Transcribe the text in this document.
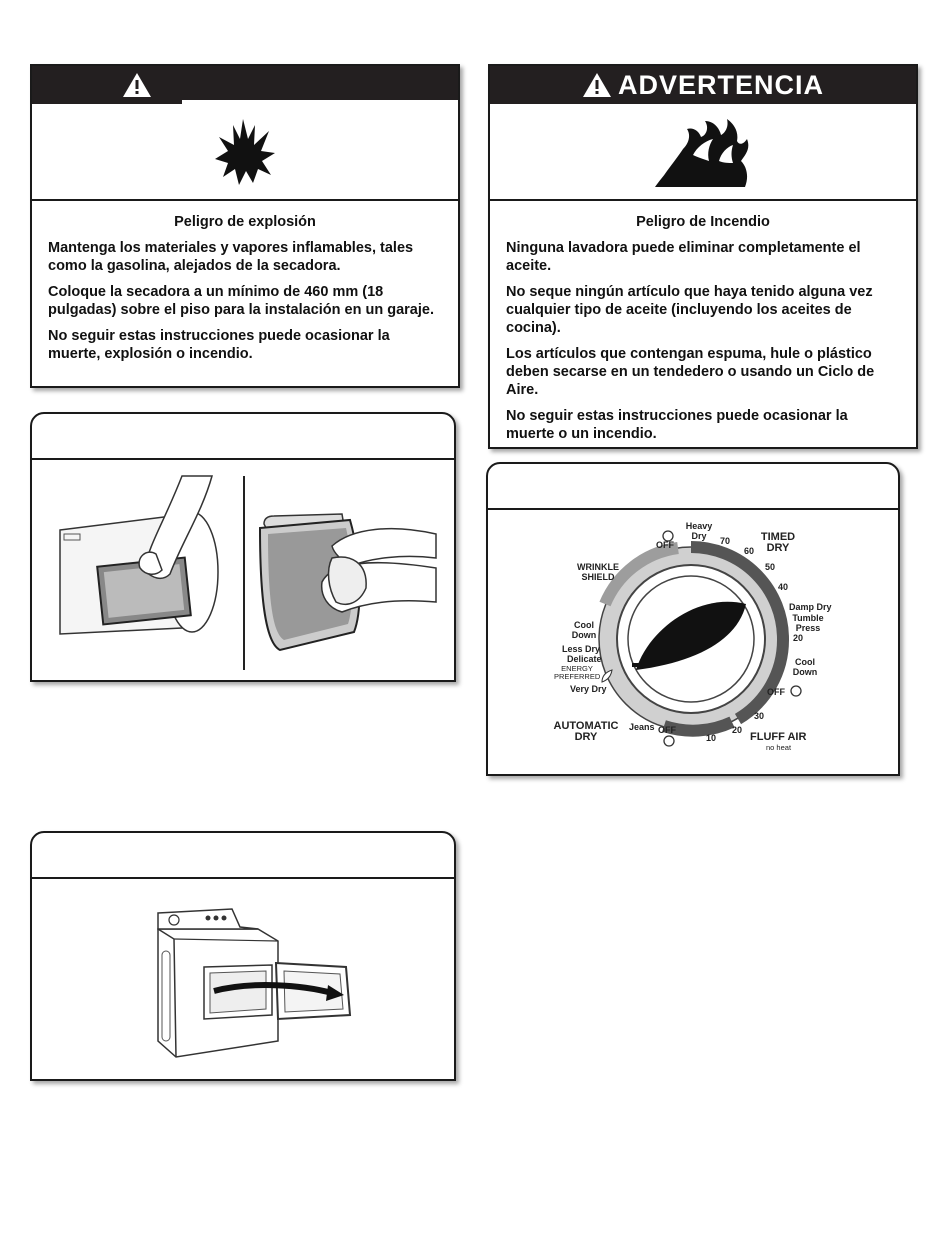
Peligro de explosión

Mantenga los materiales y vapores inflamables, tales como la gasolina, alejados de la secadora.

Coloque la secadora a un mínimo de 460 mm (18 pulgadas) sobre el piso para la instalación en un garaje.

No seguir estas instrucciones puede ocasionar la muerte, explosión o incendio.

ADVERTENCIA
Peligro de Incendio

Ninguna lavadora puede eliminar completamente el aceite.

No seque ningún artículo que haya tenido alguna vez cualquier tipo de aceite (incluyendo los aceites de cocina).

Los artículos que contengan espuma, hule o plástico deben secarse en un tendedero o usando un Ciclo de Aire.

No seguir estas instrucciones puede ocasionar la muerte o un incendio.

OFF
Heavy Dry
70
60
TIMED DRY
50
40
Damp Dry
Tumble Press
20
Cool Down
OFF
30
20
10	FLUFF AIR
no heat
OFF
Jeans
AUTOMATIC DRY
Very Dry
ENERGY PREFERRED
Delicate
Less Dry
Cool Down
WRINKLE SHIELD
